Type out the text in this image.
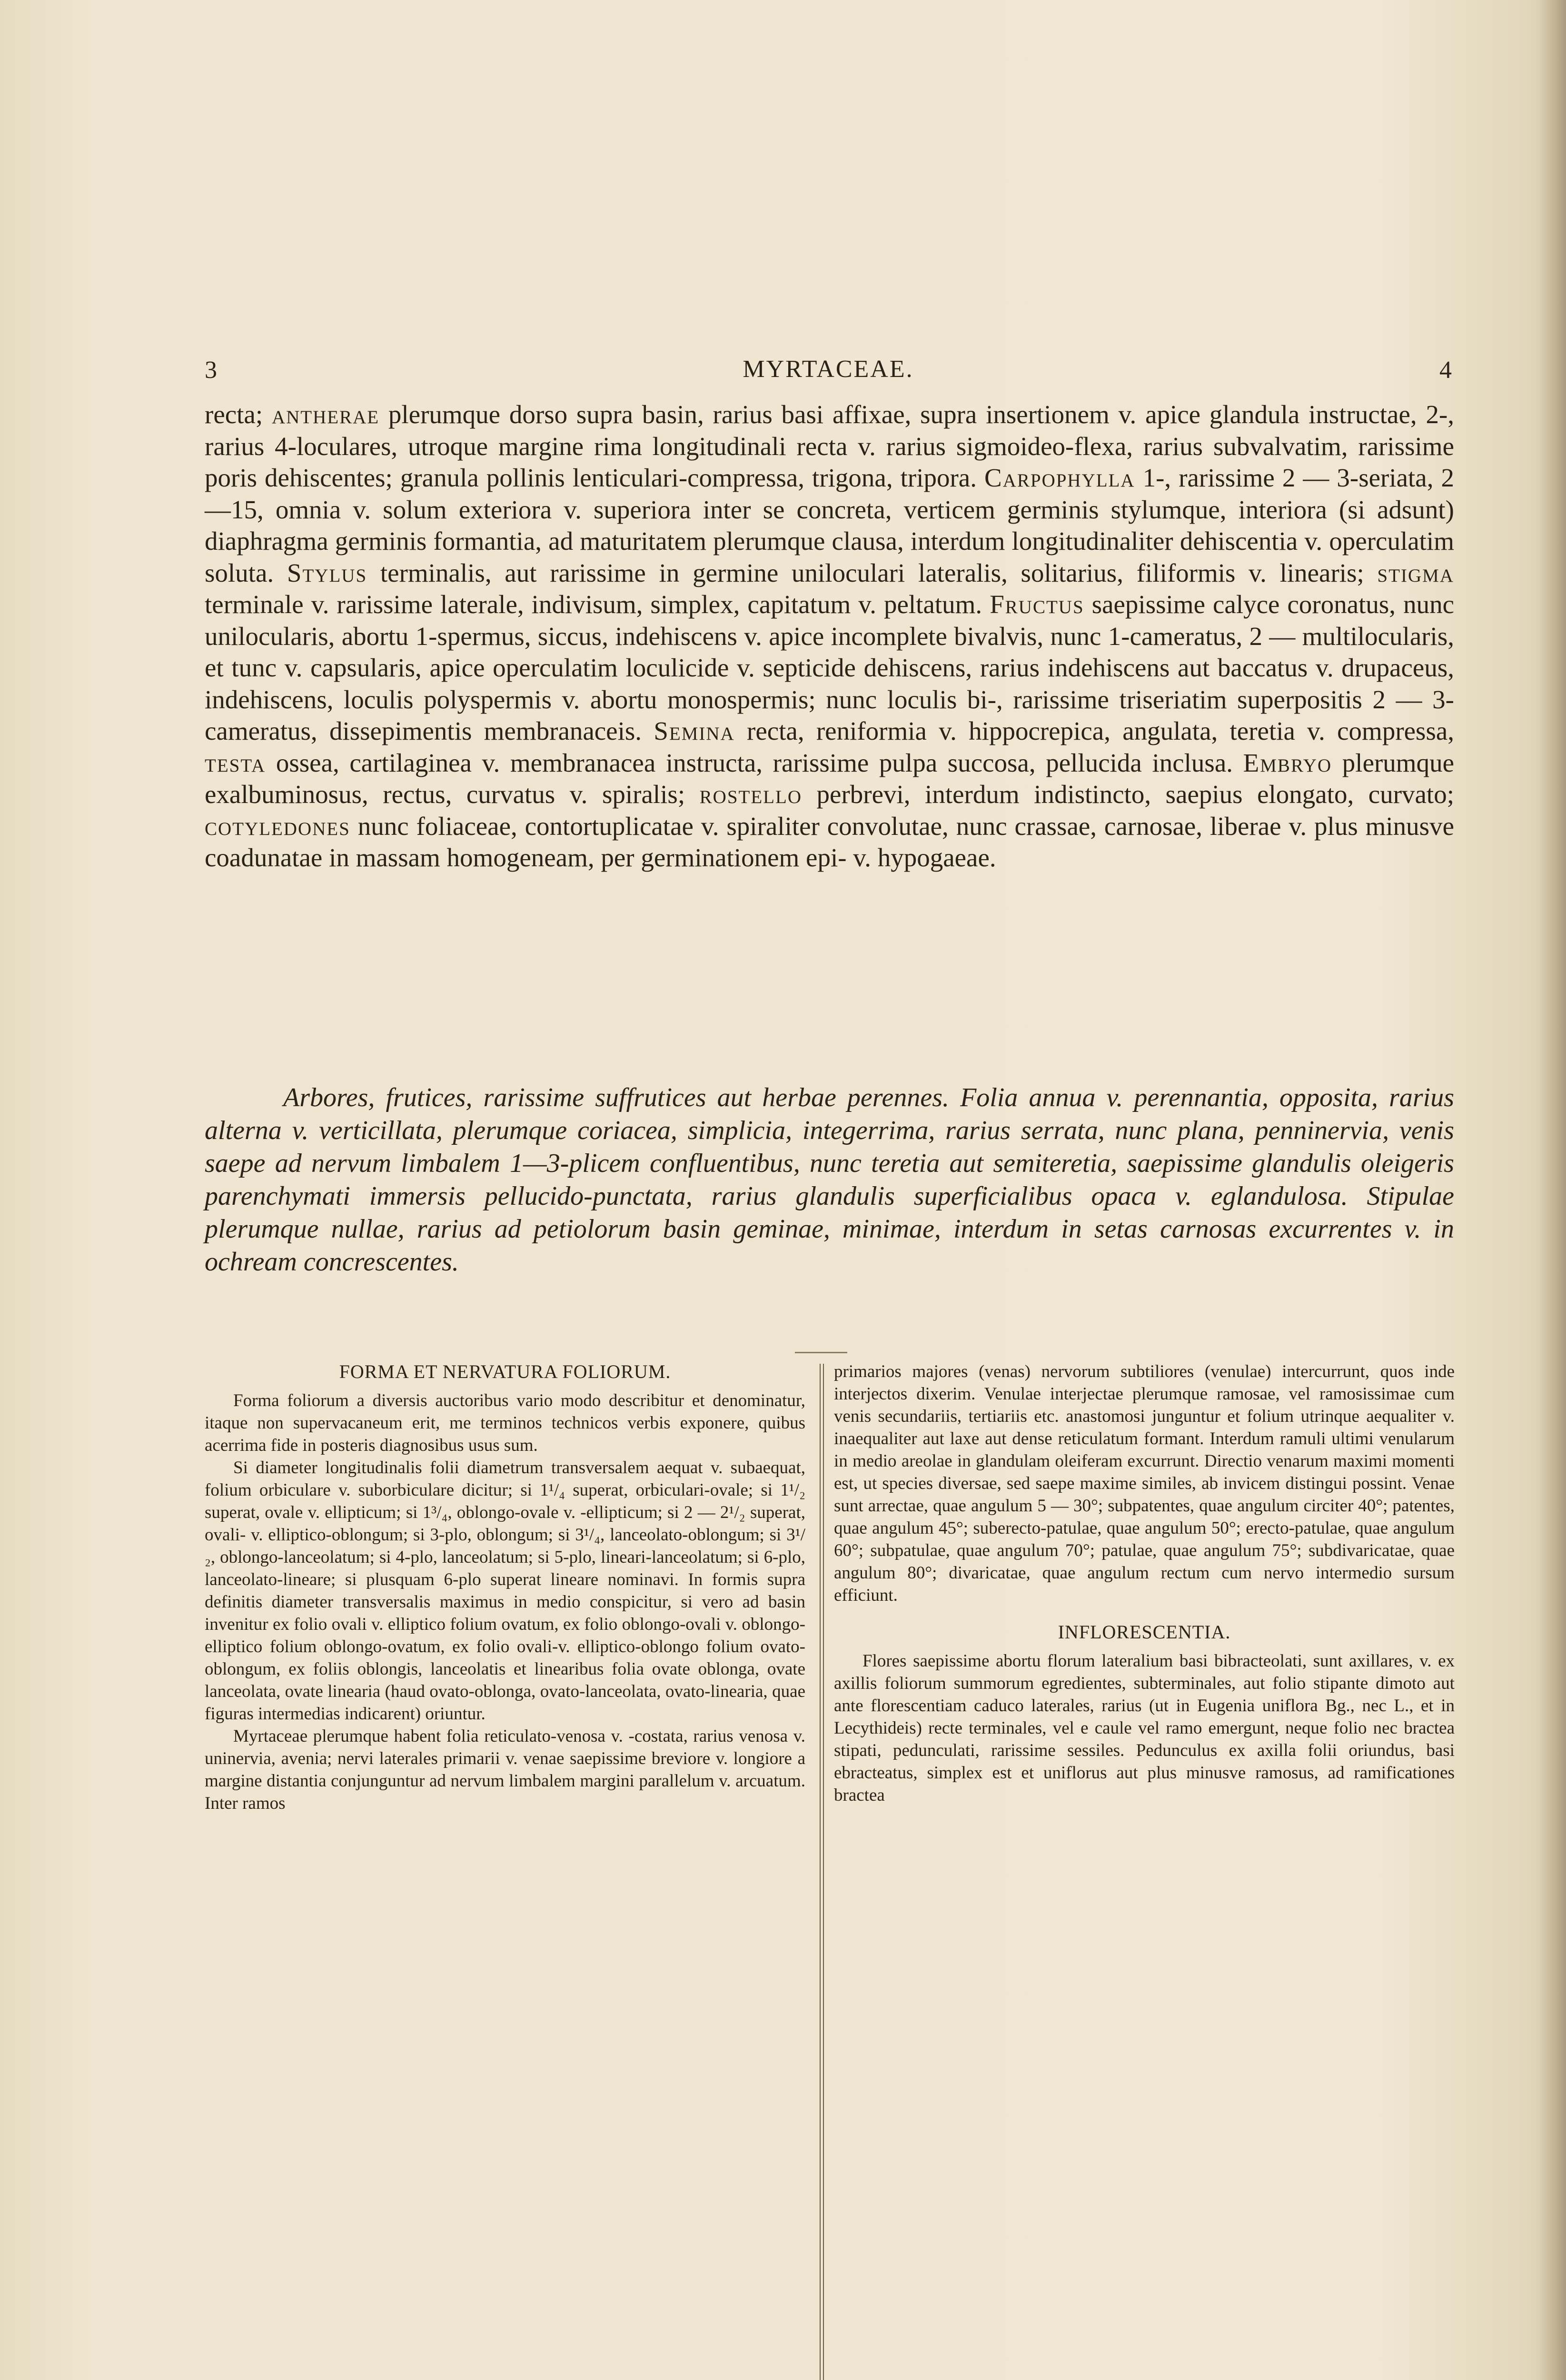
3	MYRTACEAE.	4

recta; antherae plerumque dorso supra basin, rarius basi affixae, supra insertionem v. apice glandula instructae, 2-, rarius 4-loculares, utroque margine rima longitudinali recta v. rarius sigmoideo-flexa, rarius subvalvatim, rarissime poris dehiscentes; granula pollinis lenticulari-compressa, trigona, tripora. Carpophylla 1-, rarissime 2 — 3-seriata, 2—15, omnia v. solum exteriora v. superiora inter se concreta, verticem germinis stylumque, interiora (si adsunt) diaphragma germinis formantia, ad maturitatem plerumque clausa, interdum longitudinaliter dehiscentia v. operculatim soluta. Stylus terminalis, aut rarissime in germine uniloculari lateralis, solitarius, filiformis v. linearis; stigma terminale v. rarissime laterale, indivisum, simplex, capitatum v. peltatum. Fructus saepissime calyce coronatus, nunc unilocularis, abortu 1-spermus, siccus, indehiscens v. apice incomplete bivalvis, nunc 1-cameratus, 2 — multilocularis, et tunc v. capsularis, apice operculatim loculicide v. septicide dehiscens, rarius indehiscens aut baccatus v. drupaceus, indehiscens, loculis polyspermis v. abortu monospermis; nunc loculis bi-, rarissime triseriatim superpositis 2 — 3-cameratus, dissepimentis membranaceis. Semina recta, reniformia v. hippocrepica, angulata, teretia v. compressa, testa ossea, cartilaginea v. membranacea instructa, rarissime pulpa succosa, pellucida inclusa. Embryo plerumque exalbuminosus, rectus, curvatus v. spiralis; rostello perbrevi, interdum indistincto, saepius elongato, curvato; cotyledones nunc foliaceae, contortuplicatae v. spiraliter convolutae, nunc crassae, carnosae, liberae v. plus minusve coadunatae in massam homogeneam, per germinationem epi- v. hypogaeae.

Arbores, frutices, rarissime suffrutices aut herbae perennes. Folia annua v. perennantia, opposita, rarius alterna v. verticillata, plerumque coriacea, simplicia, integerrima, rarius serrata, nunc plana, penninervia, venis saepe ad nervum limbalem 1—3-plicem confluentibus, nunc teretia aut semiteretia, saepissime glandulis oleigeris parenchymati immersis pellucido-punctata, rarius glandulis superficialibus opaca v. eglandulosa. Stipulae plerumque nullae, rarius ad petiolorum basin geminae, minimae, interdum in setas carnosas excurrentes v. in ochream concrescentes.

FORMA ET NERVATURA FOLIORUM.

Forma foliorum a diversis auctoribus vario modo describitur et denominatur, itaque non supervacaneum erit, me terminos technicos verbis exponere, quibus acerrima fide in posteris diagnosibus usus sum.

Si diameter longitudinalis folii diametrum transversalem aequat v. subaequat, folium orbiculare v. suborbiculare dicitur; si 1¹/₄ superat, orbiculari-ovale; si 1¹/₂ superat, ovale v. ellipticum; si 1³/₄, oblongo-ovale v. -ellipticum; si 2 — 2¹/₂ superat, ovali- v. elliptico-oblongum; si 3-plo, oblongum; si 3¹/₄, lanceolato-oblongum; si 3¹/₂, oblongo-lanceolatum; si 4-plo, lanceolatum; si 5-plo, lineari-lanceolatum; si 6-plo, lanceolato-lineare; si plusquam 6-plo superat lineare nominavi. In formis supra definitis diameter transversalis maximus in medio conspicitur, si vero ad basin invenitur ex folio ovali v. elliptico folium ovatum, ex folio oblongo-ovali v. oblongo-elliptico folium oblongo-ovatum, ex folio ovali-v. elliptico-oblongo folium ovato-oblongum, ex foliis oblongis, lanceolatis et linearibus folia ovate oblonga, ovate lanceolata, ovate linearia (haud ovato-oblonga, ovato-lanceolata, ovato-linearia, quae figuras intermedias indicarent) oriuntur.

Myrtaceae plerumque habent folia reticulato-venosa v. -costata, rarius venosa v. uninervia, avenia; nervi laterales primarii v. venae saepissime breviore v. longiore a margine distantia conjunguntur ad nervum limbalem margini parallelum v. arcuatum. Inter ramos

primarios majores (venas) nervorum subtiliores (venulae) intercurrunt, quos inde interjectos dixerim. Venulae interjectae plerumque ramosae, vel ramosissimae cum venis secundariis, tertiariis etc. anastomosi junguntur et folium utrinque aequaliter v. inaequaliter aut laxe aut dense reticulatum formant. Interdum ramuli ultimi venularum in medio areolae in glandulam oleiferam excurrunt. Directio venarum maximi momenti est, ut species diversae, sed saepe maxime similes, ab invicem distingui possint. Venae sunt arrectae, quae angulum 5 — 30°; subpatentes, quae angulum circiter 40°; patentes, quae angulum 45°; suberecto-patulae, quae angulum 50°; erecto-patulae, quae angulum 60°; subpatulae, quae angulum 70°; patulae, quae angulum 75°; subdivaricatae, quae angulum 80°; divaricatae, quae angulum rectum cum nervo intermedio sursum efficiunt.

INFLORESCENTIA.

Flores saepissime abortu florum lateralium basi bibracteolati, sunt axillares, v. ex axillis foliorum summorum egredientes, subterminales, aut folio stipante dimoto aut ante florescentiam caduco laterales, rarius (ut in Eugenia uniflora Bg., nec L., et in Lecythideis) recte terminales, vel e caule vel ramo emergunt, neque folio nec bractea stipati, pedunculati, rarissime sessiles. Pedunculus ex axilla folii oriundus, basi ebracteatus, simplex est et uniflorus aut plus minusve ramosus, ad ramificationes bractea
